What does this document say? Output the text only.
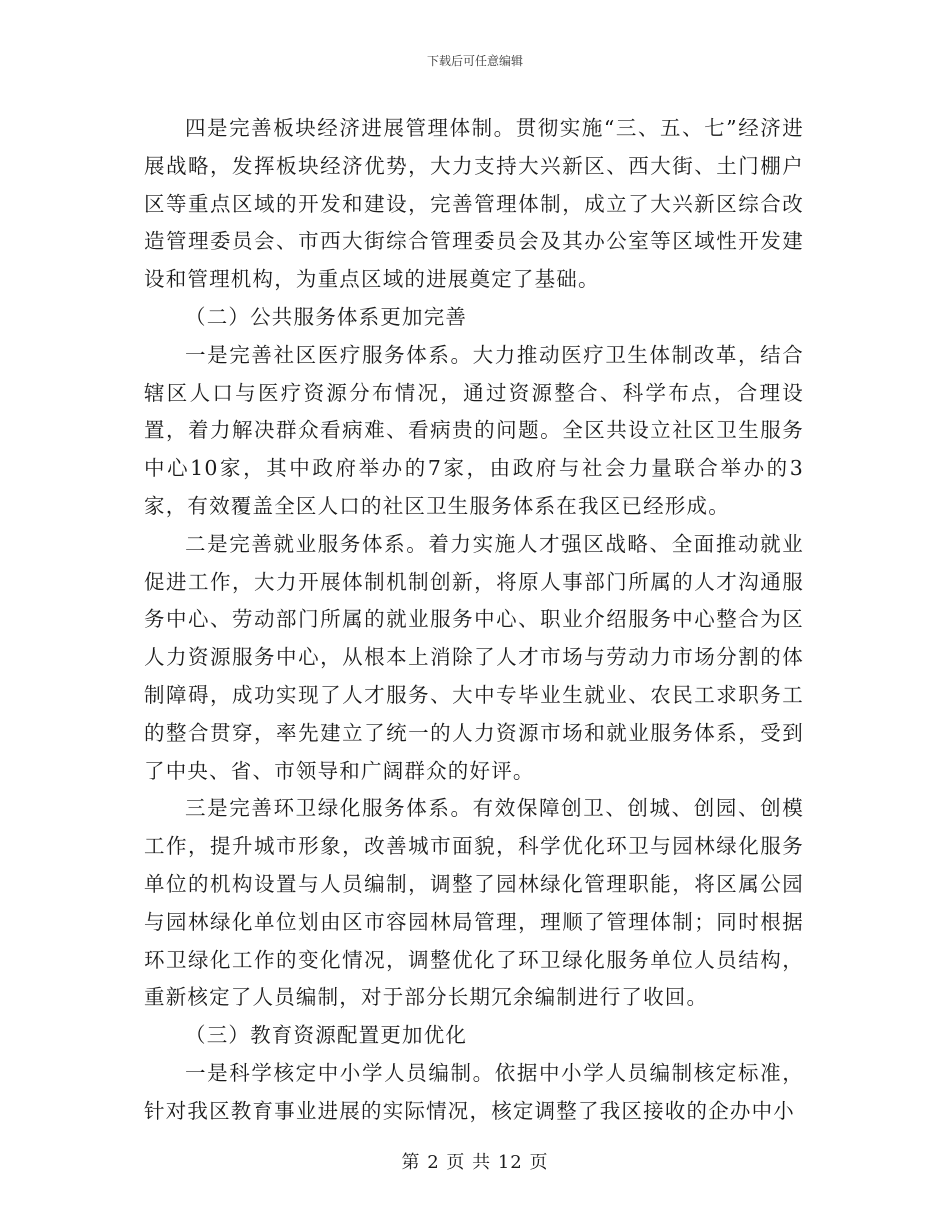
下载后可任意编辑

四是完善板块经济进展管理体制。贯彻实施“三、五、七”经济进展战略，发挥板块经济优势，大力支持大兴新区、西大街、土门棚户区等重点区域的开发和建设，完善管理体制，成立了大兴新区综合改造管理委员会、市西大街综合管理委员会及其办公室等区域性开发建设和管理机构，为重点区域的进展奠定了基础。

（二）公共服务体系更加完善

一是完善社区医疗服务体系。大力推动医疗卫生体制改革，结合辖区人口与医疗资源分布情况，通过资源整合、科学布点，合理设置，着力解决群众看病难、看病贵的问题。全区共设立社区卫生服务中心10家，其中政府举办的7家，由政府与社会力量联合举办的3家，有效覆盖全区人口的社区卫生服务体系在我区已经形成。

二是完善就业服务体系。着力实施人才强区战略、全面推动就业促进工作，大力开展体制机制创新，将原人事部门所属的人才沟通服务中心、劳动部门所属的就业服务中心、职业介绍服务中心整合为区人力资源服务中心，从根本上消除了人才市场与劳动力市场分割的体制障碍，成功实现了人才服务、大中专毕业生就业、农民工求职务工的整合贯穿，率先建立了统一的人力资源市场和就业服务体系，受到了中央、省、市领导和广阔群众的好评。

三是完善环卫绿化服务体系。有效保障创卫、创城、创园、创模工作，提升城市形象，改善城市面貌，科学优化环卫与园林绿化服务单位的机构设置与人员编制，调整了园林绿化管理职能，将区属公园与园林绿化单位划由区市容园林局管理，理顺了管理体制；同时根据环卫绿化工作的变化情况，调整优化了环卫绿化服务单位人员结构，重新核定了人员编制，对于部分长期冗余编制进行了收回。

（三）教育资源配置更加优化

一是科学核定中小学人员编制。依据中小学人员编制核定标准，针对我区教育事业进展的实际情况，核定调整了我区接收的企办中小

第 2 页 共 12 页
